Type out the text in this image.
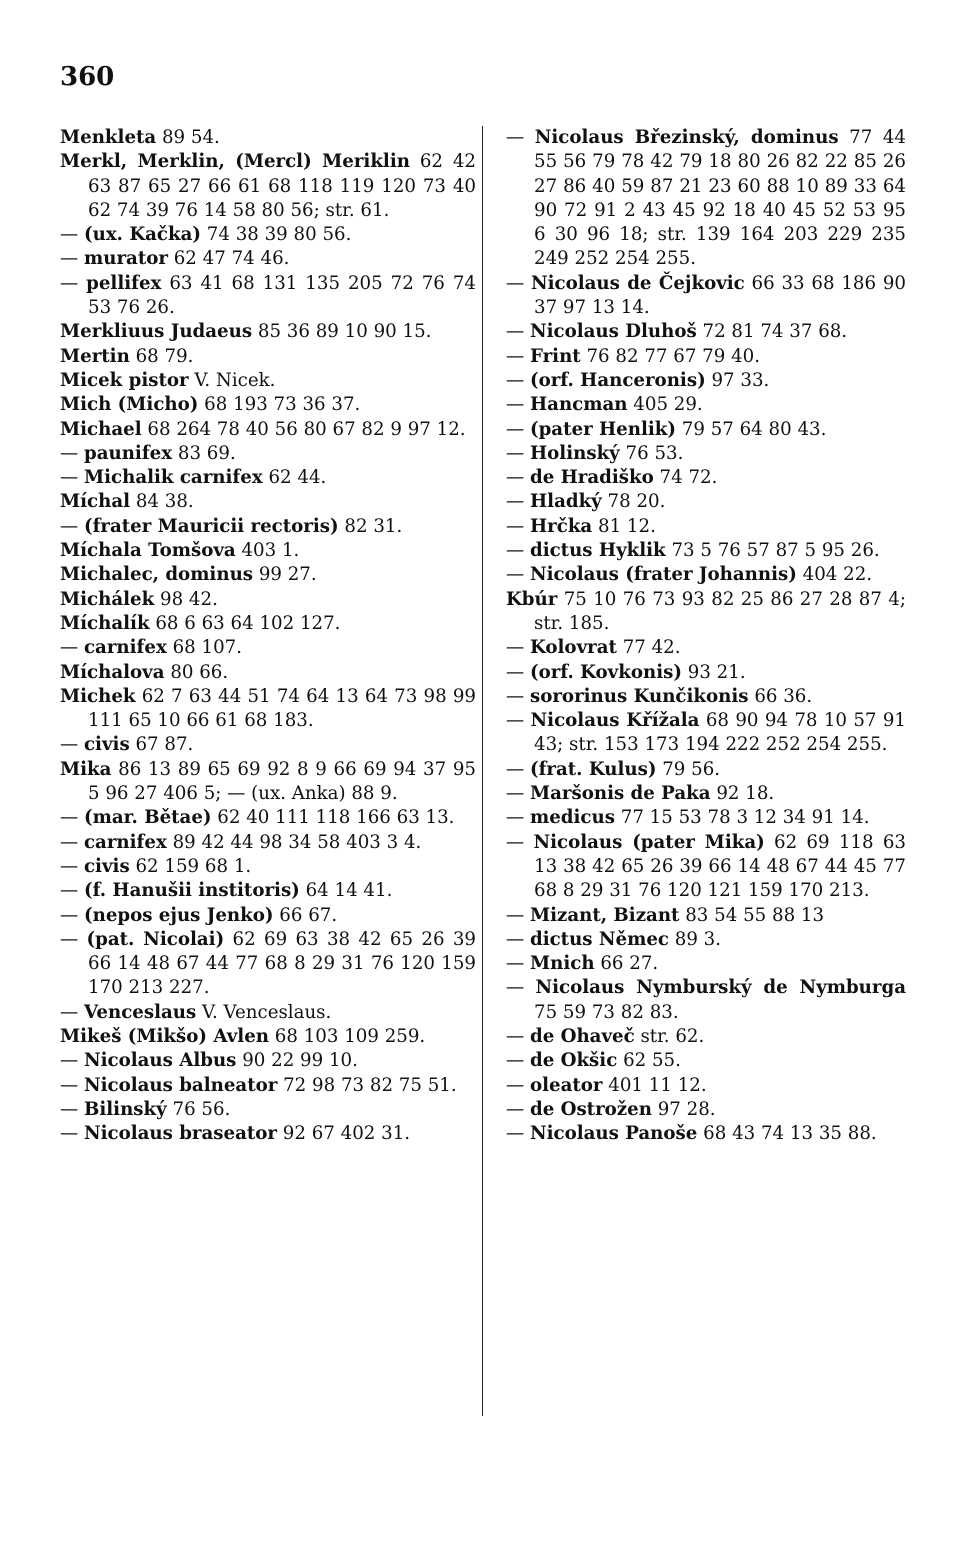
360
Menkleta 89 54.
Merkl, Merklin, (Mercl) Meriklin 62 42 63 87 65 27 66 61 68 118 119 120 73 40 62 74 39 76 14 58 80 56; str. 61.
— (ux. Kačka) 74 38 39 80 56.
— murator 62 47 74 46.
— pellifex 63 41 68 131 135 205 72 76 74 53 76 26.
Merkliuus Judaeus 85 36 89 10 90 15.
Mertin 68 79.
Micek pistor V. Nicek.
Mich (Micho) 68 193 73 36 37.
Michael 68 264 78 40 56 80 67 82 9 97 12.
— paunifex 83 69.
— Michalik carnifex 62 44.
Míchal 84 38.
— (frater Mauricii rectoris) 82 31.
Míchala Tomšova 403 1.
Michalec, dominus 99 27.
Michálek 98 42.
Míchalík 68 6 63 64 102 127.
— carnifex 68 107.
Míchalova 80 66.
Michek 62 7 63 44 51 74 64 13 64 73 98 99 111 65 10 66 61 68 183.
— civis 67 87.
Mika 86 13 89 65 69 92 8 9 66 69 94 37 95 5 96 27 406 5; — (ux. Anka) 88 9.
— (mar. Bětae) 62 40 111 118 166 63 13.
— carnifex 89 42 44 98 34 58 403 3 4.
— civis 62 159 68 1.
— (f. Hanušii institoris) 64 14 41.
— (nepos ejus Jenko) 66 67.
— (pat. Nicolai) 62 69 63 38 42 65 26 39 66 14 48 67 44 77 68 8 29 31 76 120 159 170 213 227.
— Venceslaus V. Venceslaus.
Mikeš (Mikšo) Avlen 68 103 109 259.
— Nicolaus Albus 90 22 99 10.
— Nicolaus balneator 72 98 73 82 75 51.
— Bilinský 76 56.
— Nicolaus braseator 92 67 402 31.
— Nicolaus Březinský, dominus 77 44 55 56 79 78 42 79 18 80 26 82 22 85 26 27 86 40 59 87 21 23 60 88 10 89 33 64 90 72 91 2 43 45 92 18 40 45 52 53 95 6 30 96 18; str. 139 164 203 229 235 249 252 254 255.
— Nicolaus de Čejkovic 66 33 68 186 90 37 97 13 14.
— Nicolaus Dluhoš 72 81 74 37 68.
— Frint 76 82 77 67 79 40.
— (orf. Hanceronis) 97 33.
— Hancman 405 29.
— (pater Henlik) 79 57 64 80 43.
— Holinský 76 53.
— de Hradiško 74 72.
— Hladký 78 20.
— Hrčka 81 12.
— dictus Hyklik 73 5 76 57 87 5 95 26.
— Nicolaus (frater Johannis) 404 22.
Kbúr 75 10 76 73 93 82 25 86 27 28 87 4; str. 185.
— Kolovrat 77 42.
— (orf. Kovkonis) 93 21.
— sororinus Kunčikonis 66 36.
— Nicolaus Křížala 68 90 94 78 10 57 91 43; str. 153 173 194 222 252 254 255.
— (frat. Kulus) 79 56.
— Maršonis de Paka 92 18.
— medicus 77 15 53 78 3 12 34 91 14.
— Nicolaus (pater Mika) 62 69 118 63 13 38 42 65 26 39 66 14 48 67 44 45 77 68 8 29 31 76 120 121 159 170 213.
— Mizant, Bizant 83 54 55 88 13
— dictus Němec 89 3.
— Mnich 66 27.
— Nicolaus Nymburský de Nymburga 75 59 73 82 83.
— de Ohaveč str. 62.
— de Okšic 62 55.
— oleator 401 11 12.
— de Ostrožen 97 28.
— Nicolaus Panoše 68 43 74 13 35 88.
